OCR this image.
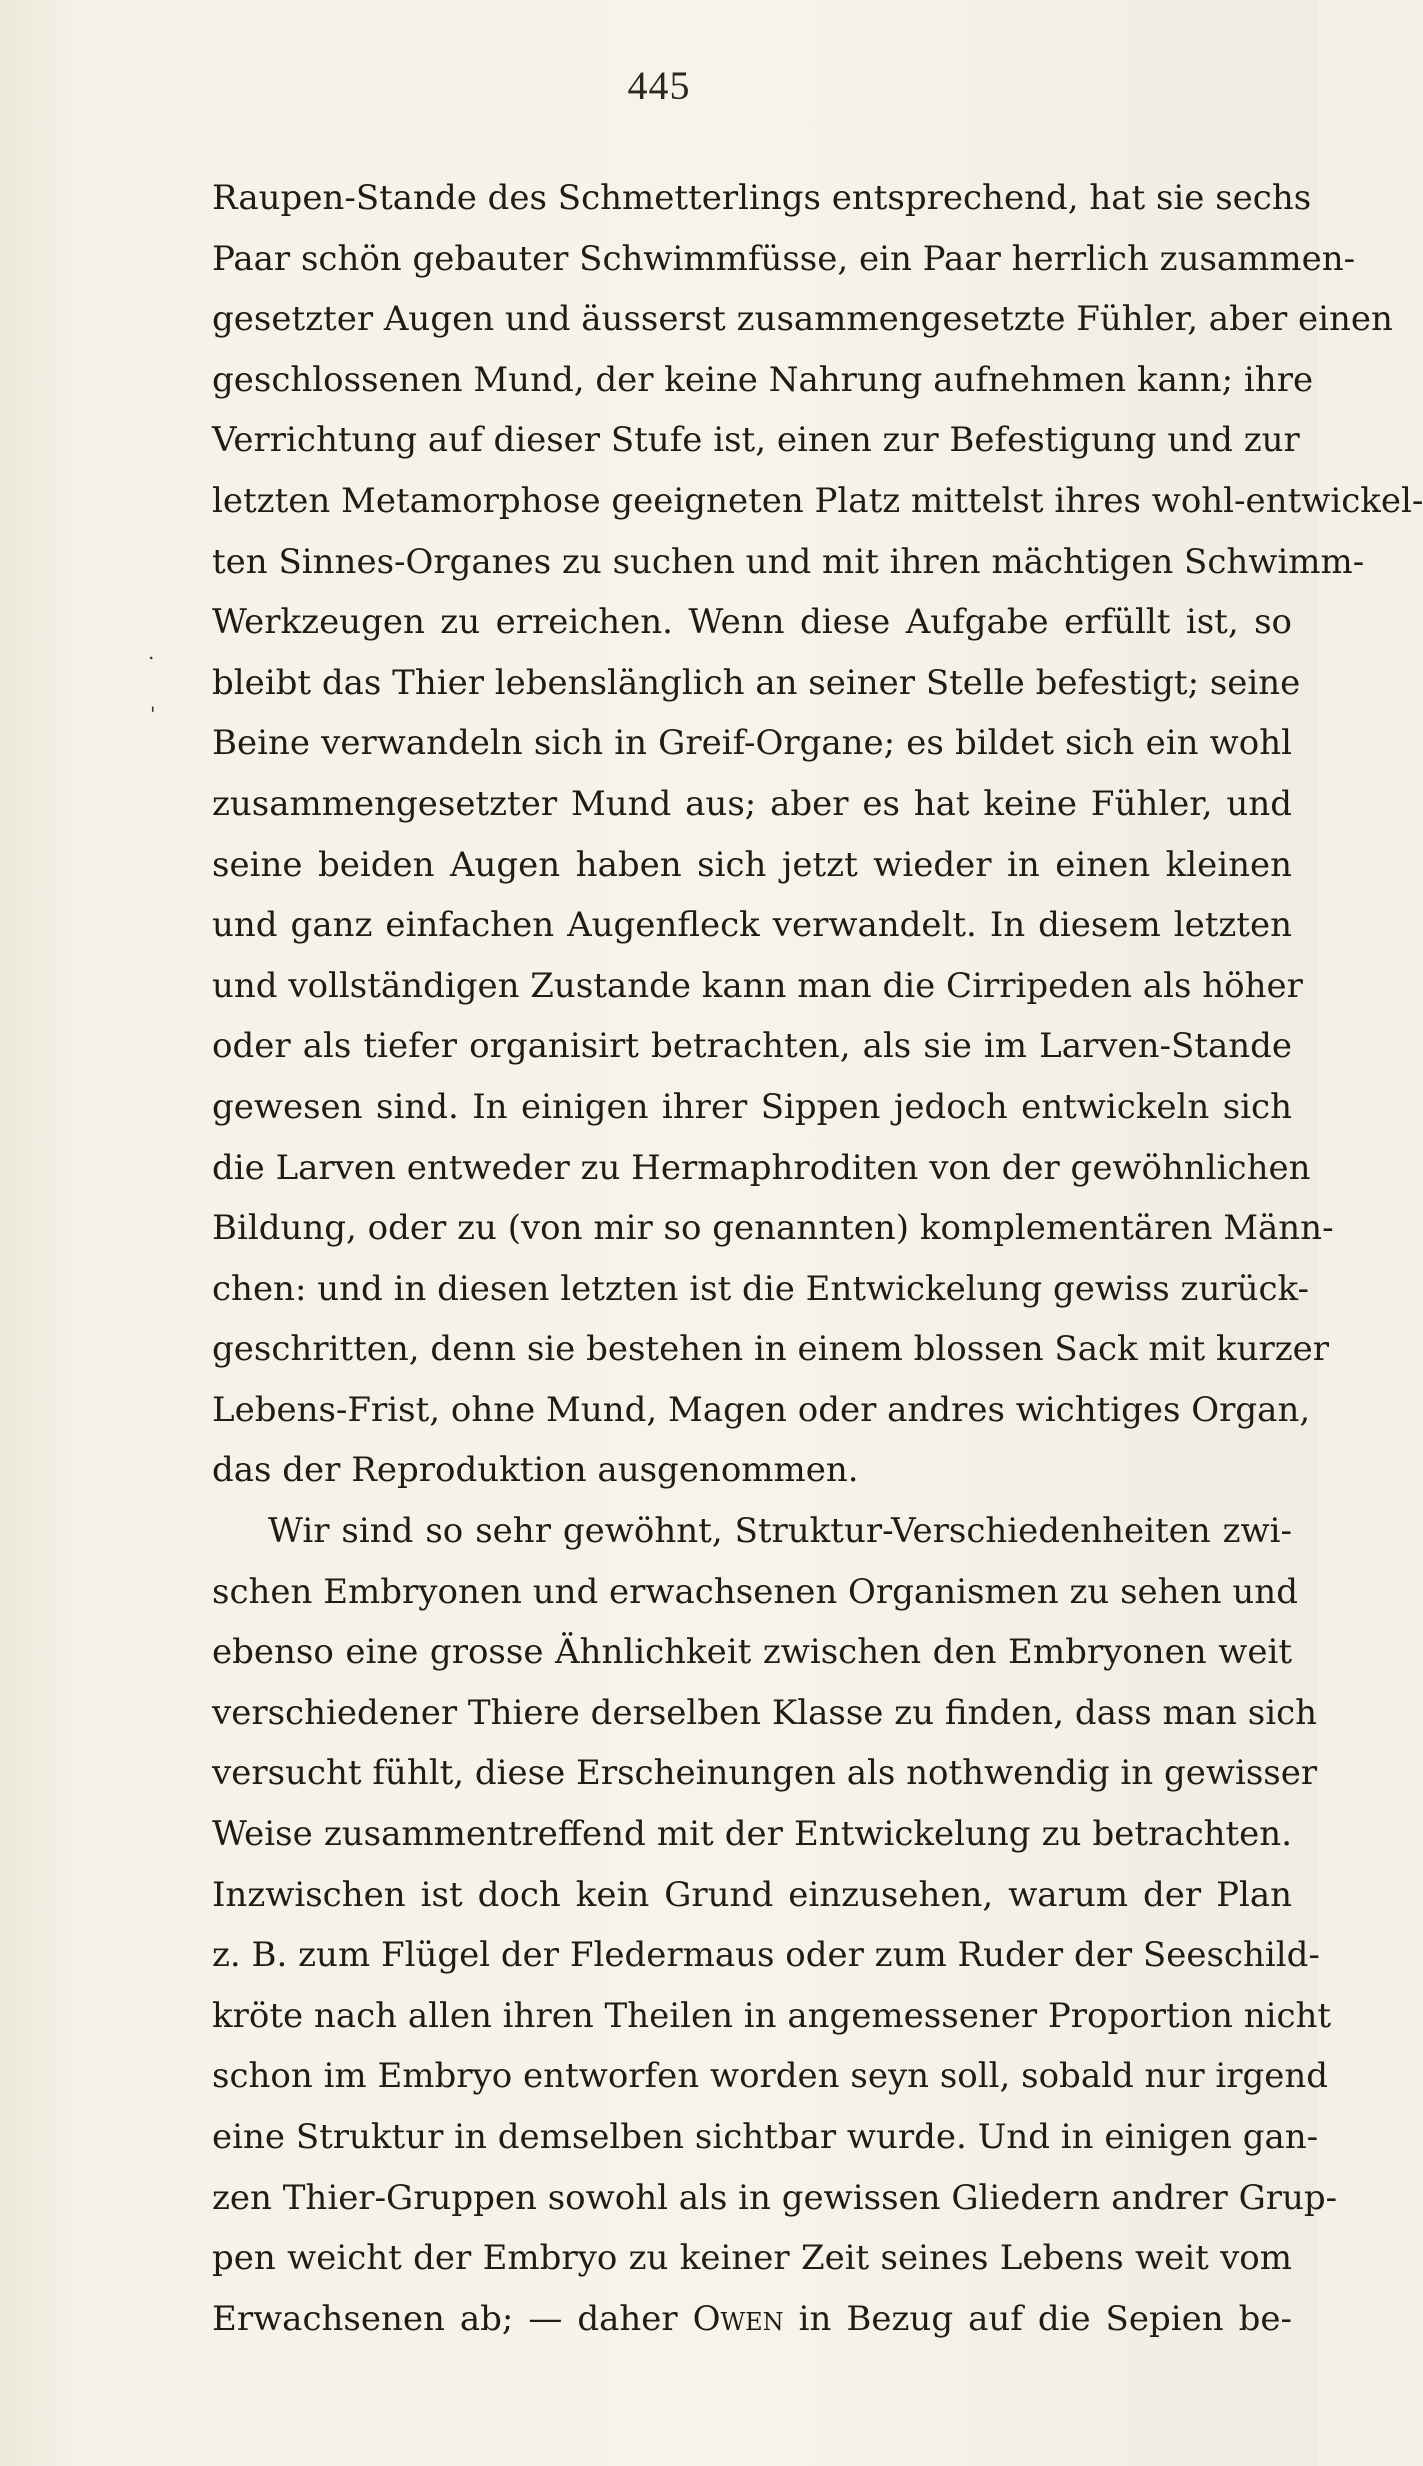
445
.
'
Raupen-Stande des Schmetterlings entsprechend, hat sie sechs
Paar schön gebauter Schwimmfüsse, ein Paar herrlich zusammen-
gesetzter Augen und äusserst zusammengesetzte Fühler, aber einen
geschlossenen Mund, der keine Nahrung aufnehmen kann; ihre
Verrichtung auf dieser Stufe ist, einen zur Befestigung und zur
letzten Metamorphose geeigneten Platz mittelst ihres wohl-entwickel-
ten Sinnes-Organes zu suchen und mit ihren mächtigen Schwimm-
Werkzeugen zu erreichen. Wenn diese Aufgabe erfüllt ist, so
bleibt das Thier lebenslänglich an seiner Stelle befestigt; seine
Beine verwandeln sich in Greif-Organe; es bildet sich ein wohl
zusammengesetzter Mund aus; aber es hat keine Fühler, und
seine beiden Augen haben sich jetzt wieder in einen kleinen
und ganz einfachen Augenfleck verwandelt. In diesem letzten
und vollständigen Zustande kann man die Cirripeden als höher
oder als tiefer organisirt betrachten, als sie im Larven-Stande
gewesen sind. In einigen ihrer Sippen jedoch entwickeln sich
die Larven entweder zu Hermaphroditen von der gewöhnlichen
Bildung, oder zu (von mir so genannten) komplementären Männ-
chen: und in diesen letzten ist die Entwickelung gewiss zurück-
geschritten, denn sie bestehen in einem blossen Sack mit kurzer
Lebens-Frist, ohne Mund, Magen oder andres wichtiges Organ,
das der Reproduktion ausgenommen.
Wir sind so sehr gewöhnt, Struktur-Verschiedenheiten zwi-
schen Embryonen und erwachsenen Organismen zu sehen und
ebenso eine grosse Ähnlichkeit zwischen den Embryonen weit
verschiedener Thiere derselben Klasse zu finden, dass man sich
versucht fühlt, diese Erscheinungen als nothwendig in gewisser
Weise zusammentreffend mit der Entwickelung zu betrachten.
Inzwischen ist doch kein Grund einzusehen, warum der Plan
z. B. zum Flügel der Fledermaus oder zum Ruder der Seeschild-
kröte nach allen ihren Theilen in angemessener Proportion nicht
schon im Embryo entworfen worden seyn soll, sobald nur irgend
eine Struktur in demselben sichtbar wurde. Und in einigen gan-
zen Thier-Gruppen sowohl als in gewissen Gliedern andrer Grup-
pen weicht der Embryo zu keiner Zeit seines Lebens weit vom
Erwachsenen ab; — daher Owen in Bezug auf die Sepien be-
